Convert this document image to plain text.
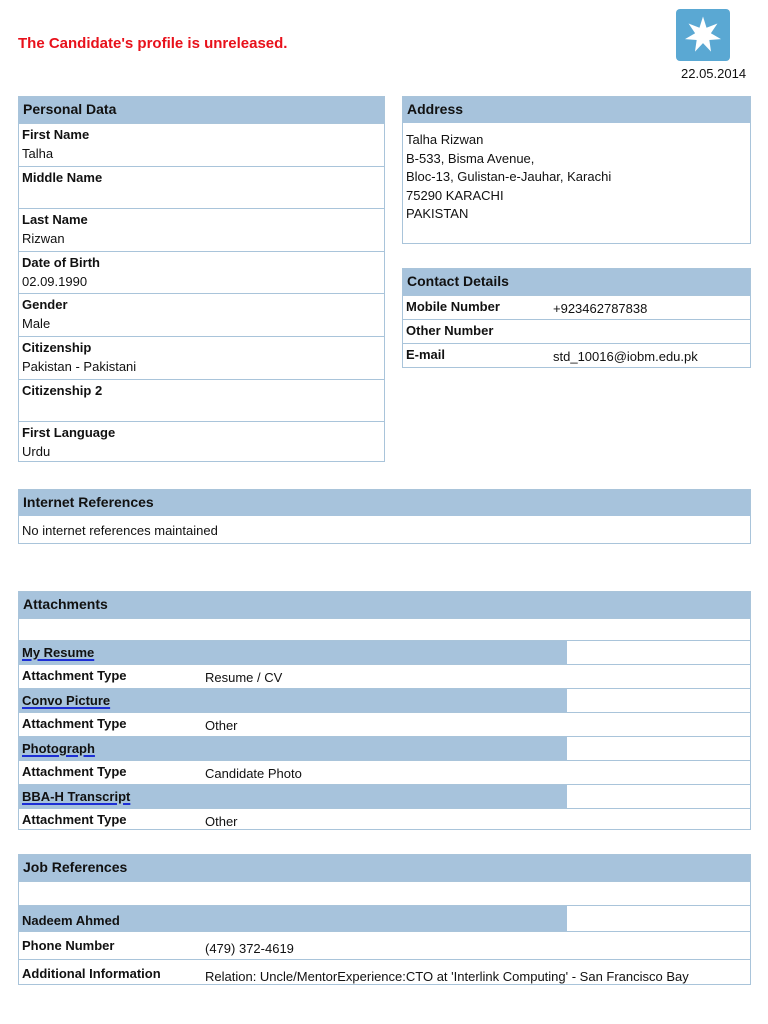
The Candidate's profile is unreleased.
22.05.2014
Personal Data
First Name
Talha
Middle Name
Last Name
Rizwan
Date of Birth
02.09.1990
Gender
Male
Citizenship
Pakistan - Pakistani
Citizenship 2
First Language
Urdu
Address
Talha Rizwan
B-533, Bisma Avenue,
Bloc-13, Gulistan-e-Jauhar, Karachi
75290 KARACHI
PAKISTAN
Contact Details
Mobile Number	+923462787838
Other Number
E-mail	std_10016@iobm.edu.pk
Internet References
No internet references maintained
Attachments
My Resume
Attachment Type	Resume / CV
Convo Picture
Attachment Type	Other
Photograph
Attachment Type	Candidate Photo
BBA-H Transcript
Attachment Type	Other
Job References
Nadeem Ahmed
Phone Number	(479) 372-4619
Additional Information	Relation: Uncle/MentorExperience:CTO at 'Interlink Computing' - San Francisco Bay
